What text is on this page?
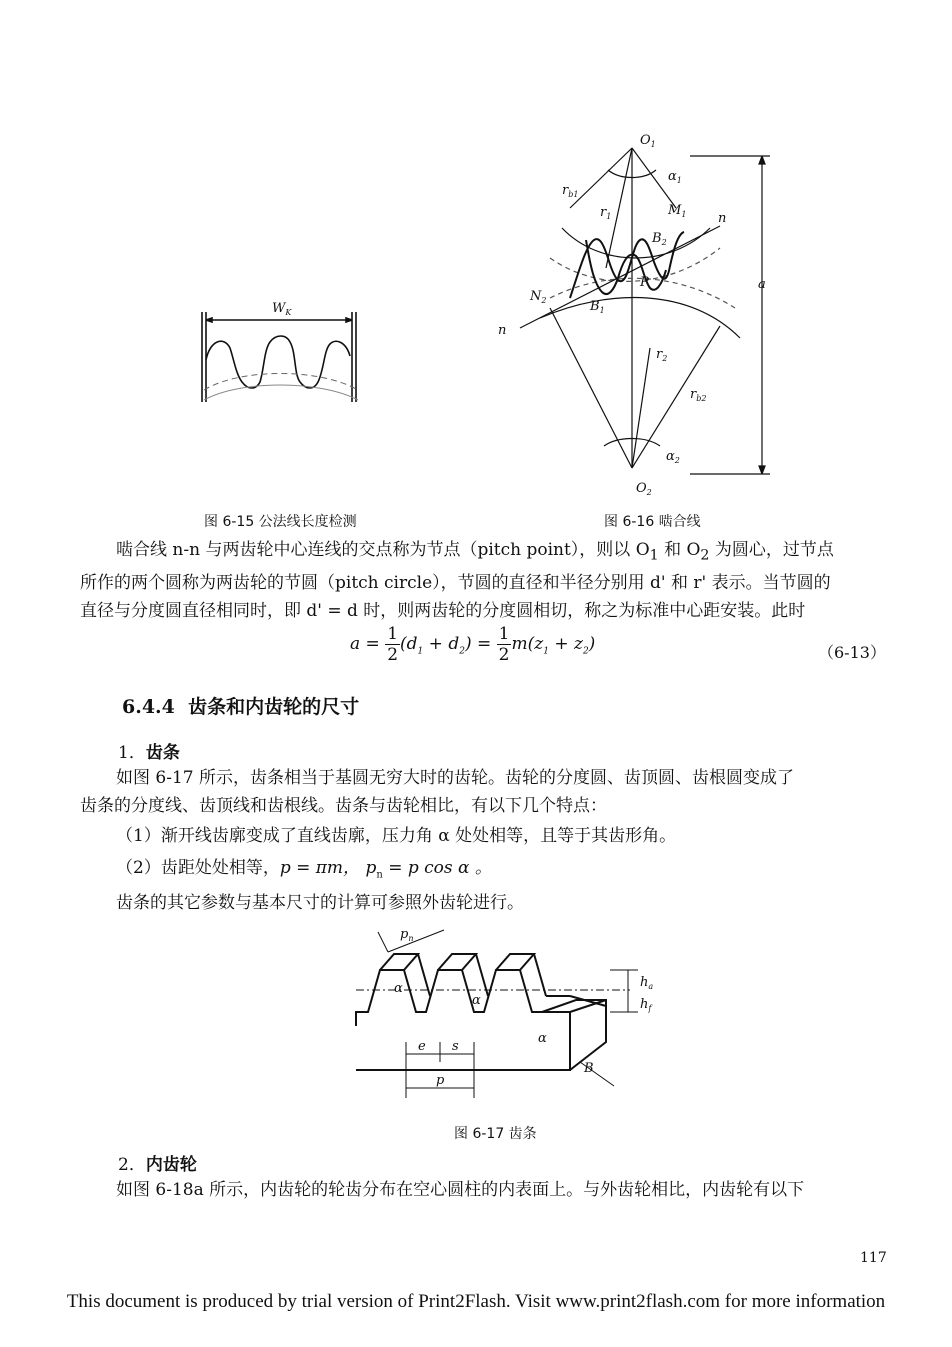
$W_K$
图 6-15 公法线长度检测
$O_1$
$\alpha_1$
$r_{b1}$
$r_1$	$M_1$ n
$B_2$
P	a
$N_2$	$B_1$
n
$r_2$
$r_{b2}$
$\alpha_2$
$O_2$
图 6-16 啮合线

啮合线 n-n 与两齿轮中心连线的交点称为节点（pitch point），则以 $O_1$ 和 $O_2$ 为圆心，过节点

所作的两个圆称为两齿轮的节圆（pitch circle），节圆的直径和半径分别用 d' 和 r' 表示。当节圆的

直径与分度圆直径相同时，即 d' = d 时，则两齿轮的分度圆相切，称之为标准中心距安装。此时

$a = \frac{1}{2} (d_1 + d_2) = \frac{1}{2} m(z_1 + z_2)$	（6-13）
6.4.4 齿条和内齿轮的尺寸
1．齿条

如图 6-17 所示，齿条相当于基圆无穷大时的齿轮。齿轮的分度圆、齿顶圆、齿根圆变成了

齿条的分度线、齿顶线和齿根线。齿条与齿轮相比，有以下几个特点：

（1）渐开线齿廓变成了直线齿廓，压力角 α 处处相等，且等于其齿形角。

（2）齿距处处相等，p = πm， $p_n = p$ cos α 。

齿条的其它参数与基本尺寸的计算可参照外齿轮进行。

$p_n$
α
α
α
$h_a$
$h_f$
e s
p
B
图 6-17 齿条
2．内齿轮

如图 6-18a 所示，内齿轮的轮齿分布在空心圆柱的内表面上。与外齿轮相比，内齿轮有以下

117
This document is produced by trial version of Print2Flash. Visit www.print2flash.com for more information
